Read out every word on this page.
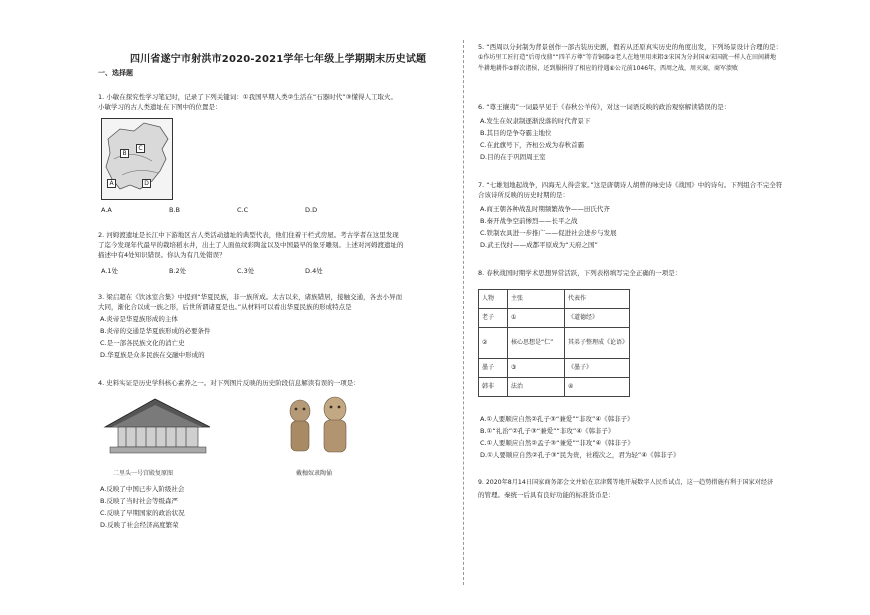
四川省遂宁市射洪市2020-2021学年七年级上学期期末历史试题
一、选择题
1. 小敏在探究性学习笔记时，记录了下列关键词：①我国早期人类②生活在“石器时代”③懂得人工取火。
小敏学习的古人类遗址在下图中的位置是：
B
C
A	D
A.A	B.B	C.C	D.D
2. 河姆渡遗址是长江中下游地区古人类活动遗址的典型代表，他们住着干栏式房屋。考古学者在这里发现
了迄今发现年代最早的栽培稻水井，出土了人面鱼纹彩陶盆以及中国最早的象牙雕刻。上述对河姆渡遗址的
描述中有4处知识错误。你认为有几处错误？
A.1处	B.2处	C.3处	D.4处
3. 梁启超在《饮冰室合集》中提到“华夏民族，非一族所成。太古以来，诸族错居，接触交通，各去小异而
大同，渐化合以成一族之形，后世所谓诸夏是也。”从材料可以看出华夏民族的形成特点是
A.炎帝是华夏族形成的主体
B.炎帝的交通是华夏族形成的必要条件
C.是一部各民族文化的消亡史
D.华夏族是众多民族在交融中形成的
4. 史料实证是历史学科核心素养之一。对下列图片反映的历史阶段信息解读有误的一项是：
二里头一号宫殿复原图	戴枷奴隶陶俑
A.反映了中国已步入阶级社会
B.反映了当时社会等级森严
C.反映了早期国家的政治状况
D.反映了社会经济高度繁荣
5. “西周以分封制为背景创作一部古装历史剧，假若从还原真实历史的角度出发，下列场景设计合理的是：
①作坊里工匠打造“后母戊鼎”“四羊方尊”等青铜器②老人在地里用耒耜③宋国为分封国④宋国就一样人在田间耕地
牛耕地耕作⑤群次诸侯，还到服捐得了相应的待遇⑥公元前1046年，西周之战，周灭商，商军溃败
6. “尊王攘夷”一词最早见于《春秋公羊传》，对这一词语反映的政治观察解读错误的是：
A.发生在奴隶制逐渐没落的时代背景下
B.其目的是争夺霸主地位
C.在此旗号下，齐桓公成为春秋首霸
D.目的在于巩固周王室
7. “七雄划地起战争，四海无人得尝家。”这是唐朝诗人胡曾的咏史诗《战国》中的诗句。下列组合不完全符
合该诗所反映的历史时期的是：
A.商王朝各种战乱时期频繁战争——田氏代齐
B.秦开战争空前惨烈——长平之战
C.铁制农具进一步推广——促进社会进步与发展
D.武王伐纣——成都平原成为“天府之国”
8. 春秋战国时期学术思想异常活跃，下列表格填写完全正确的一项是：
人物	主张	代表作
老子	①	《道德经》
②	核心思想是“仁”	其弟子整理成《论语》
墨子	③	《墨子》
韩非	法治	④
A.①人要顺应自然②孔子③“兼爱”“非攻”④《韩非子》
B.①“礼治”②孔子③“兼爱”“非攻”④《韩非子》
C.①人要顺应自然②孟子③“兼爱”“非攻”④《韩非子》
D.①人要顺应自然②孔子③“民为贵，社稷次之，君为轻”④《韩非子》
9. 2020年8月14日国家商务部会文并始在京津冀等地开展数字人民币试点，这一趋势措施有利于国家对经济
的管理。秦统一后具有良好功能的标准货币是：
